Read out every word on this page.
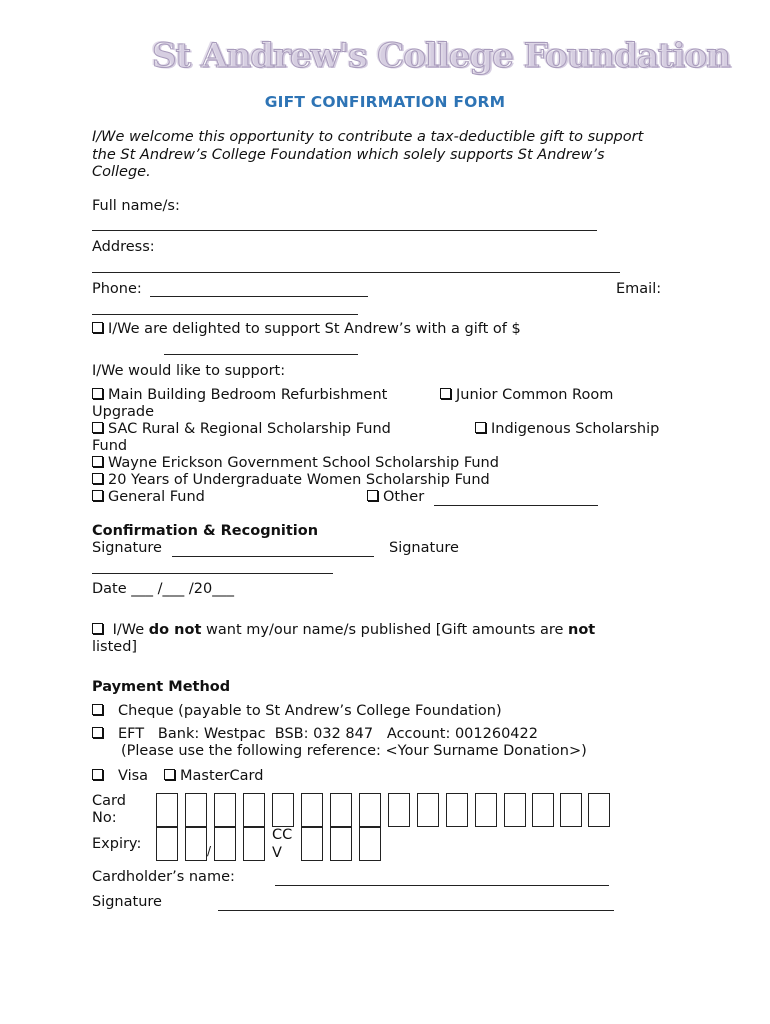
St Andrew's College Foundation
GIFT CONFIRMATION FORM
I/We welcome this opportunity to contribute a tax-deductible gift to support the St Andrew’s College Foundation which solely supports St Andrew’s College.
Full name/s:
Address:
Phone:	Email:
I/We are delighted to support St Andrew’s with a gift of $
I/We would like to support:
Main Building Bedroom Refurbishment	Junior Common Room
Upgrade
SAC Rural & Regional Scholarship Fund	Indigenous Scholarship
Fund
Wayne Erickson Government School Scholarship Fund
20 Years of Undergraduate Women Scholarship Fund
General Fund	Other
Confirmation & Recognition
Signature	Signature
Date ___ /___ /20___
I/We do not want my/our name/s published [Gift amounts are not
listed]
Payment Method
Cheque (payable to St Andrew’s College Foundation)
EFT   Bank: Westpac  BSB: 032 847   Account: 001260422
(Please use the following reference: <Your Surname Donation>)
Visa	MasterCard
Card
No:
Expiry:	/
CC
V
Cardholder’s name:
Signature
